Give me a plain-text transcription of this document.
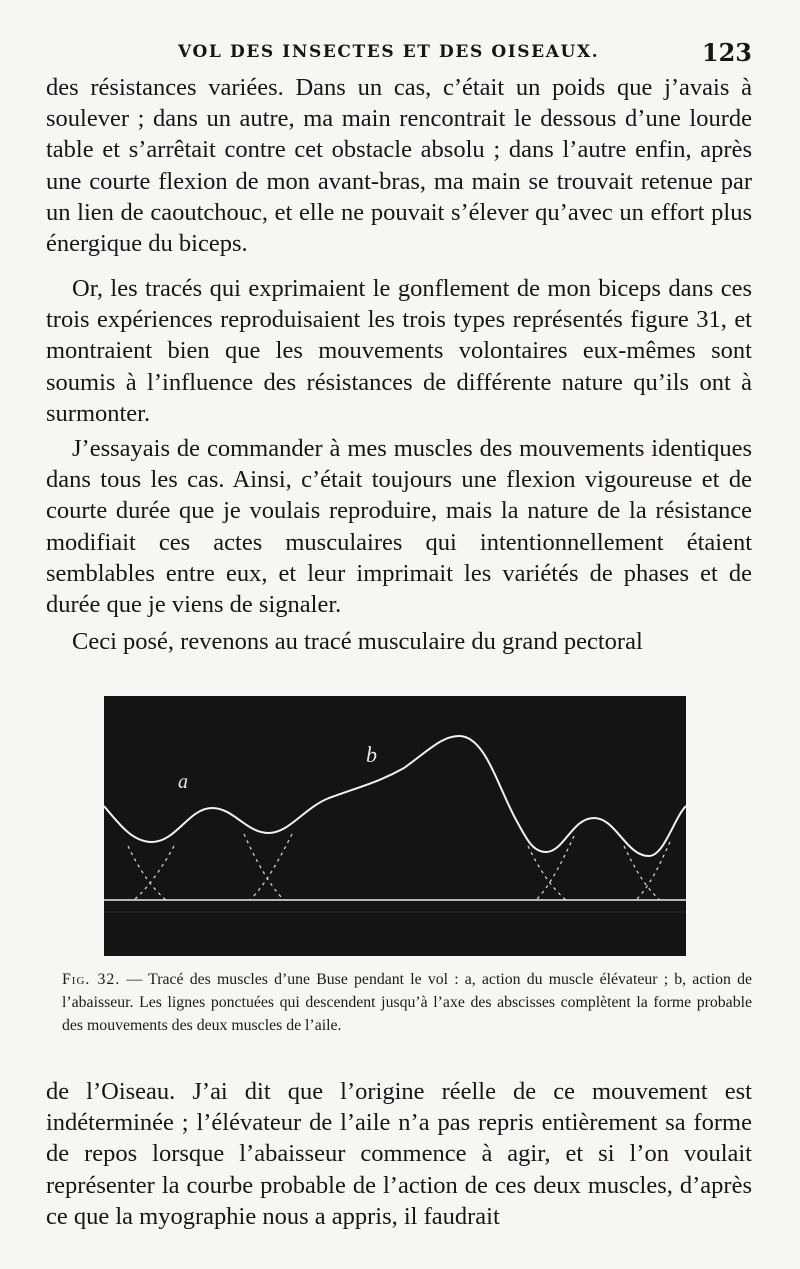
VOL DES INSECTES ET DES OISEAUX.	123

des résistances variées. Dans un cas, c’était un poids que j’avais à soulever ; dans un autre, ma main rencontrait le dessous d’une lourde table et s’arrêtait contre cet obstacle absolu ; dans l’autre enfin, après une courte flexion de mon avant-bras, ma main se trouvait retenue par un lien de caoutchouc, et elle ne pouvait s’élever qu’avec un effort plus énergique du biceps.

Or, les tracés qui exprimaient le gonflement de mon biceps dans ces trois expériences reproduisaient les trois types représentés figure 31, et montraient bien que les mouvements volontaires eux-mêmes sont soumis à l’influence des résistances de différente nature qu’ils ont à surmonter.

J’essayais de commander à mes muscles des mouvements identiques dans tous les cas. Ainsi, c’était toujours une flexion vigoureuse et de courte durée que je voulais reproduire, mais la nature de la résistance modifiait ces actes musculaires qui intentionnellement étaient semblables entre eux, et leur imprimait les variétés de phases et de durée que je viens de signaler.

Ceci posé, revenons au tracé musculaire du grand pectoral

a
b

Fig. 32. — Tracé des muscles d’une Buse pendant le vol : a, action du muscle élévateur ; b, action de l’abaisseur. Les lignes ponctuées qui descendent jusqu’à l’axe des abscisses complètent la forme probable des mouvements des deux muscles de l’aile.

de l’Oiseau. J’ai dit que l’origine réelle de ce mouvement est indéterminée ; l’élévateur de l’aile n’a pas repris entièrement sa forme de repos lorsque l’abaisseur commence à agir, et si l’on voulait représenter la courbe probable de l’action de ces deux muscles, d’après ce que la myographie nous a appris, il faudrait
